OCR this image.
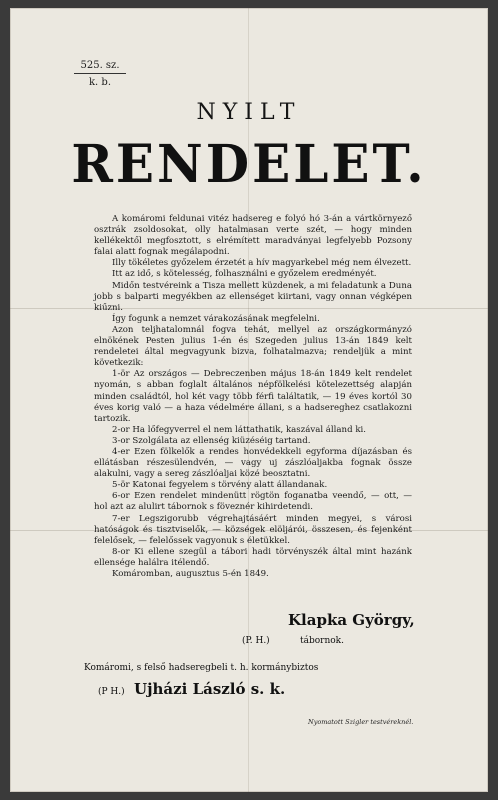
525. sz.
k. b.
NYILT
RENDELET.

A komáromi feldunai vitéz hadsereg e folyó hó 3-án a vártkörnyező osztrák zsoldosokat, olly hatalmasan verte szét, — hogy minden kellékektől megfosztott, s elrémített maradványai legfelyebb Pozsony falai alatt fognak megálapodni.

Illy tökéletes győzelem érzetét a hív magyarkebel még nem élvezett.

Itt az idő, s kötelesség, folhasználni e győzelem eredményét.

Midőn testvéreink a Tisza mellett küzdenek, a mi feladatunk a Duna jobb s balparti megyékben az ellenséget kiirtani, vagy onnan végképen kiűzni.

Így fogunk a nemzet várakozásának megfelelni.

Azon teljhatalomnál fogva tehát, mellyel az országkormányzó elnökének Pesten julius 1-én és Szegeden julius 13-án 1849 kelt rendeletei által megvagyunk bizva, folhatalmazva; rendeljük a mint következik:

1-ör Az országos — Debreczenben május 18-án 1849 kelt rendelet nyomán, s abban foglalt általános népfölkelési kötelezettség alapján minden családtól, hol két vagy több férfi találtatik, — 19 éves kortól 30 éves korig való — a haza védelmére állani, s a hadsereghez csatlakozni tartozik.

2-or Ha lőfegyverrel el nem láttathatik, kaszával álland ki.

3-or Szolgálata az ellenség kiüzéséig tartand.

4-er Ezen fölkelők a rendes honvédekkeli egyforma díjazásban és ellátásban részesülendvén, — vagy uj zászlóaljakba fognak össze alakulni, vagy a sereg zászlóaljai közé beosztatni.

5-ör Katonai fegyelem s törvény alatt állandanak.

6-or Ezen rendelet mindenütt rögtön foganatba veendő, — ott, — hol azt az alulirt tábornok s föveznér kihirdetendi.

7-er Legszigorubb végrehajtásáért minden megyei, s városi hatóságok és tisztviselők, — községek elöljárói, összesen, és fejenként felelősek, — felelőssek vagyonuk s életükkel.

8-or Ki ellene szegül a tábori hadi törvényszék által mint hazánk ellensége halálra itélendő.

Komáromban, augusztus 5-én 1849.

Klapka György,
(P. H.)	tábornok.
Komáromi, s felső hadseregbeli t. h. kormánybiztos
(P H.) Ujházi László s. k.
Nyomatott Szigler testvéreknél.
